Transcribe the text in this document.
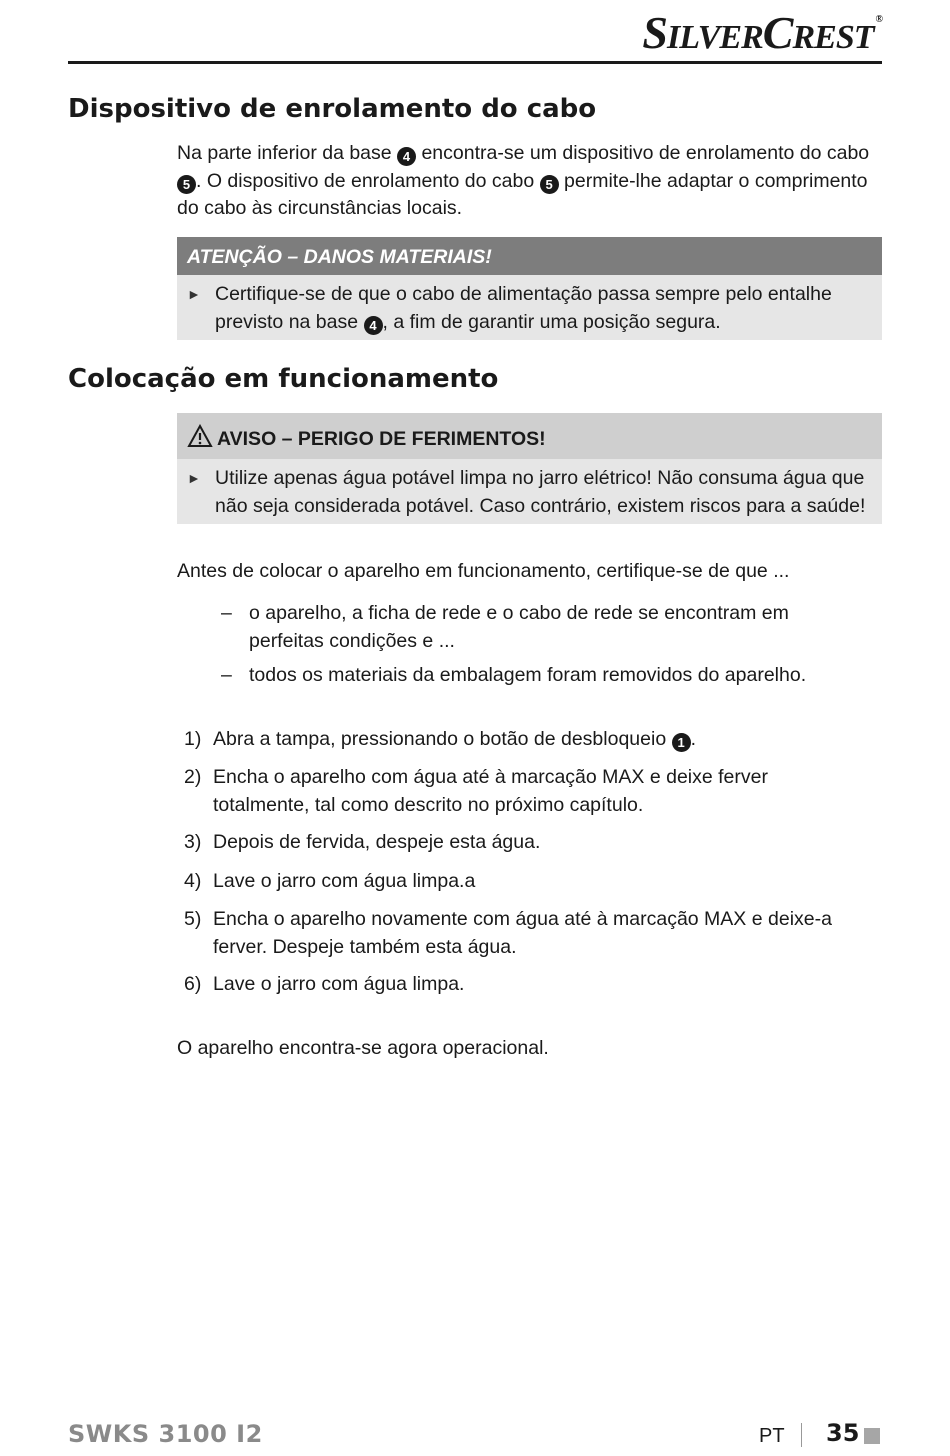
SILVERCREST ®
Dispositivo de enrolamento do cabo

Na parte inferior da base 4 encontra-se um dispositivo de enrolamento do cabo 5 . O dispositivo de enrolamento do cabo 5 permite-lhe adaptar o comprimento do cabo às circunstâncias locais.

ATENÇÃO – DANOS MATERIAIS!
► Certifique-se de que o cabo de alimentação passa sempre pelo entalhe previsto na base 4 , a fim de garantir uma posição segura.
Colocação em funcionamento
AVISO – PERIGO DE FERIMENTOS!
► Utilize apenas água potável limpa no jarro elétrico! Não consuma água que não seja considerada potável. Caso contrário, existem riscos para a saúde!

Antes de colocar o aparelho em funcionamento, certifique-se de que ...

– o aparelho, a ficha de rede e o cabo de rede se encontram em perfeitas condições e ...
– todos os materiais da embalagem foram removidos do aparelho.
1) Abra a tampa, pressionando o botão de desbloqueio 1 .
2) Encha o aparelho com água até à marcação MAX e deixe ferver totalmente, tal como descrito no próximo capítulo.
3) Depois de fervida, despeje esta água.
4) Lave o jarro com água limpa.a
5) Encha o aparelho novamente com água até à marcação MAX e deixe-a ferver. Despeje também esta água.
6) Lave o jarro com água limpa.

O aparelho encontra-se agora operacional.

SWKS 3100 I2	PT 35
